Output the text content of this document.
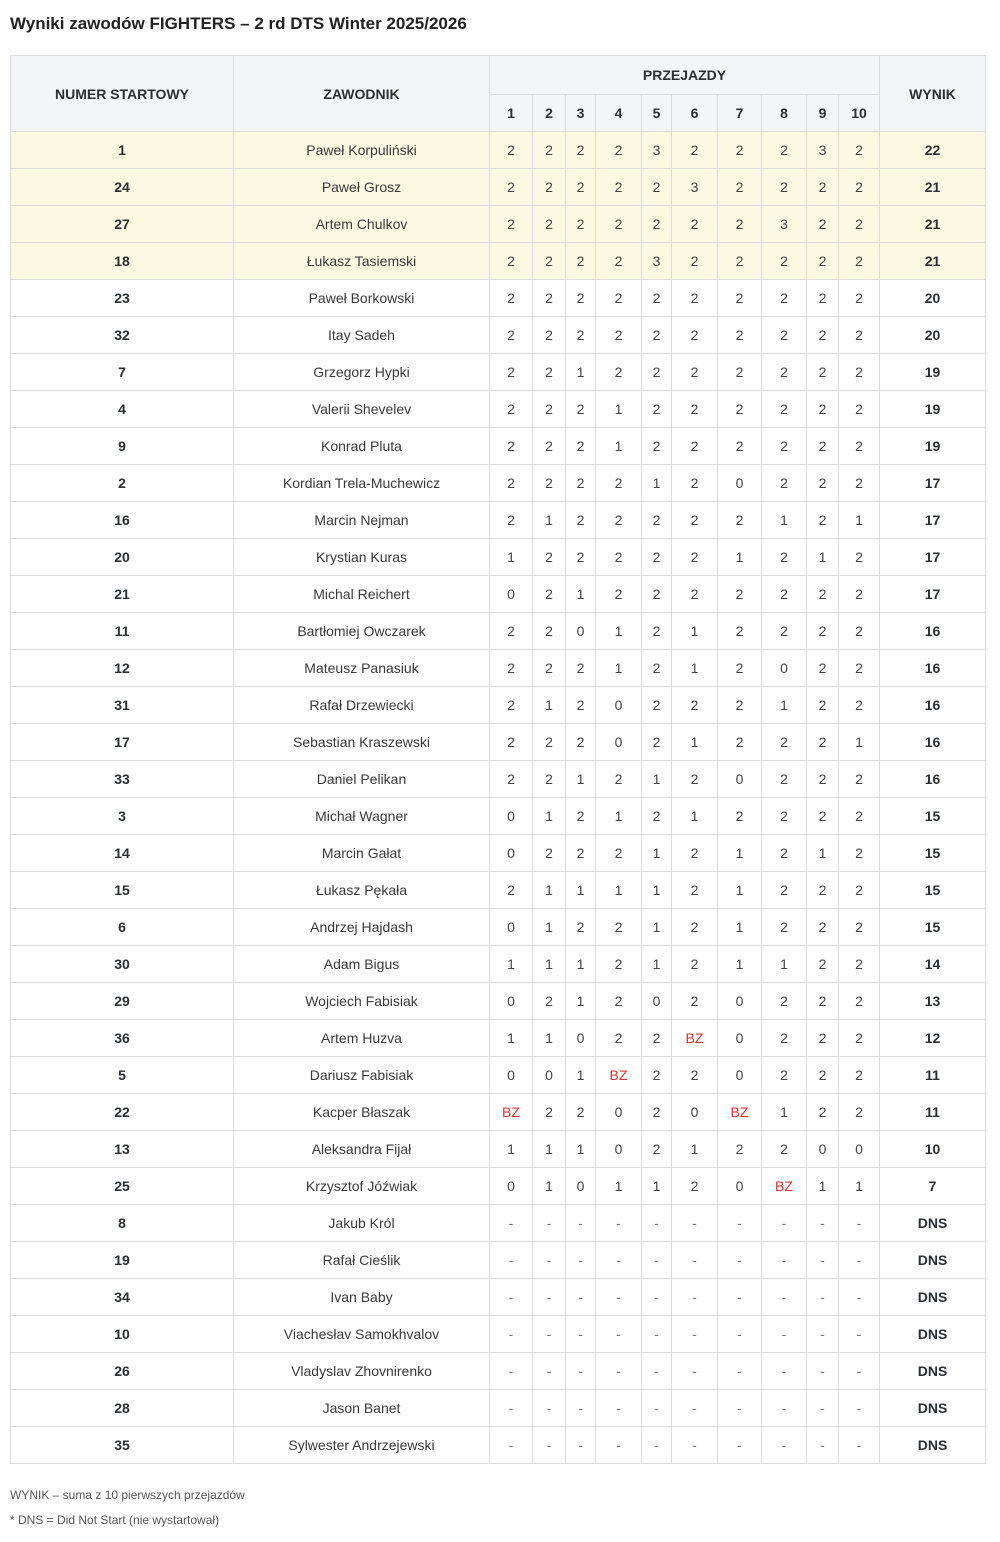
Wyniki zawodów FIGHTERS – 2 rd DTS Winter 2025/2026
NUMER STARTOWY	ZAWODNIK	PRZEJAZDY										WYNIK
		1	2	3	4	5	6	7	8	9	10	
1	Paweł Korpuliński	2	2	2	2	3	2	2	2	3	2	22
24	Paweł Grosz	2	2	2	2	2	3	2	2	2	2	21
27	Artem Chulkov	2	2	2	2	2	2	2	3	2	2	21
18	Łukasz Tasiemski	2	2	2	2	3	2	2	2	2	2	21
23	Paweł Borkowski	2	2	2	2	2	2	2	2	2	2	20
32	Itay Sadeh	2	2	2	2	2	2	2	2	2	2	20
7	Grzegorz Hypki	2	2	1	2	2	2	2	2	2	2	19
4	Valerii Shevelev	2	2	2	1	2	2	2	2	2	2	19
9	Konrad Pluta	2	2	2	1	2	2	2	2	2	2	19
2	Kordian Trela-Muchewicz	2	2	2	2	1	2	0	2	2	2	17
16	Marcin Nejman	2	1	2	2	2	2	2	1	2	1	17
20	Krystian Kuras	1	2	2	2	2	2	1	2	1	2	17
21	Michal Reichert	0	2	1	2	2	2	2	2	2	2	17
11	Bartłomiej Owczarek	2	2	0	1	2	1	2	2	2	2	16
12	Mateusz Panasiuk	2	2	2	1	2	1	2	0	2	2	16
31	Rafał Drzewiecki	2	1	2	0	2	2	2	1	2	2	16
17	Sebastian Kraszewski	2	2	2	0	2	1	2	2	2	1	16
33	Daniel Pelikan	2	2	1	2	1	2	0	2	2	2	16
3	Michał Wagner	0	1	2	1	2	1	2	2	2	2	15
14	Marcin Gałat	0	2	2	2	1	2	1	2	1	2	15
15	Łukasz Pękała	2	1	1	1	1	2	1	2	2	2	15
6	Andrzej Hajdash	0	1	2	2	1	2	1	2	2	2	15
30	Adam Bigus	1	1	1	2	1	2	1	1	2	2	14
29	Wojciech Fabisiak	0	2	1	2	0	2	0	2	2	2	13
36	Artem Huzva	1	1	0	2	2	BZ	0	2	2	2	12
5	Dariusz Fabisiak	0	0	1	BZ	2	2	0	2	2	2	11
22	Kacper Błaszak	BZ	2	2	0	2	0	BZ	1	2	2	11
13	Aleksandra Fijał	1	1	1	0	2	1	2	2	0	0	10
25	Krzysztof Jóźwiak	0	1	0	1	1	2	0	BZ	1	1	7
8	Jakub Król	-	-	-	-	-	-	-	-	-	-	DNS
19	Rafał Cieślik	-	-	-	-	-	-	-	-	-	-	DNS
34	Ivan Baby	-	-	-	-	-	-	-	-	-	-	DNS
10	Viachesłav Samokhvalov	-	-	-	-	-	-	-	-	-	-	DNS
26	Vladyslav Zhovnirenko	-	-	-	-	-	-	-	-	-	-	DNS
28	Jason Banet	-	-	-	-	-	-	-	-	-	-	DNS
35	Sylwester Andrzejewski	-	-	-	-	-	-	-	-	-	-	DNS

WYNIK – suma z 10 pierwszych przejazdów

* DNS = Did Not Start (nie wystartował)
